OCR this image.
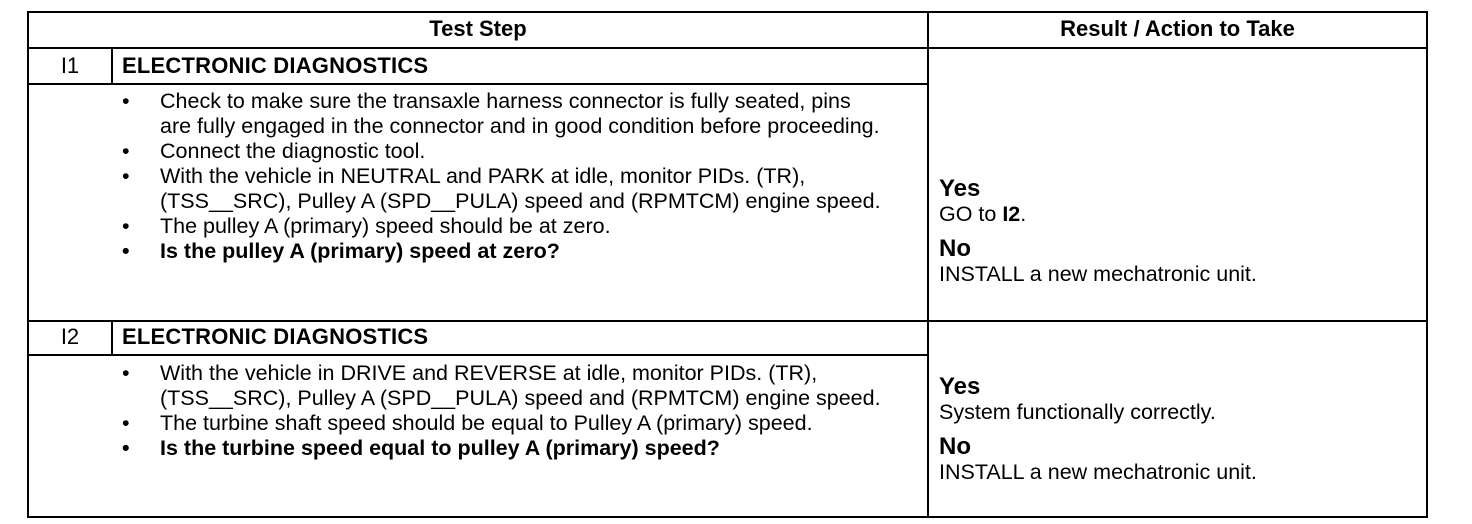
Test Step	Result / Action to Take
I1	ELECTRONIC DIAGNOSTICS
• Check to make sure the transaxle harness connector is fully seated, pins are fully engaged in the connector and in good condition before proceeding.
• Connect the diagnostic tool.
• With the vehicle in NEUTRAL and PARK at idle, monitor PIDs. (TR), (TSS__SRC), Pulley A (SPD__PULA) speed and (RPMTCM) engine speed.
• The pulley A (primary) speed should be at zero.
• Is the pulley A (primary) speed at zero?
Yes
GO to I2.
No
INSTALL a new mechatronic unit.
I2	ELECTRONIC DIAGNOSTICS
• With the vehicle in DRIVE and REVERSE at idle, monitor PIDs. (TR), (TSS__SRC), Pulley A (SPD__PULA) speed and (RPMTCM) engine speed.
• The turbine shaft speed should be equal to Pulley A (primary) speed.
• Is the turbine speed equal to pulley A (primary) speed?
Yes
System functionally correctly.
No
INSTALL a new mechatronic unit.
